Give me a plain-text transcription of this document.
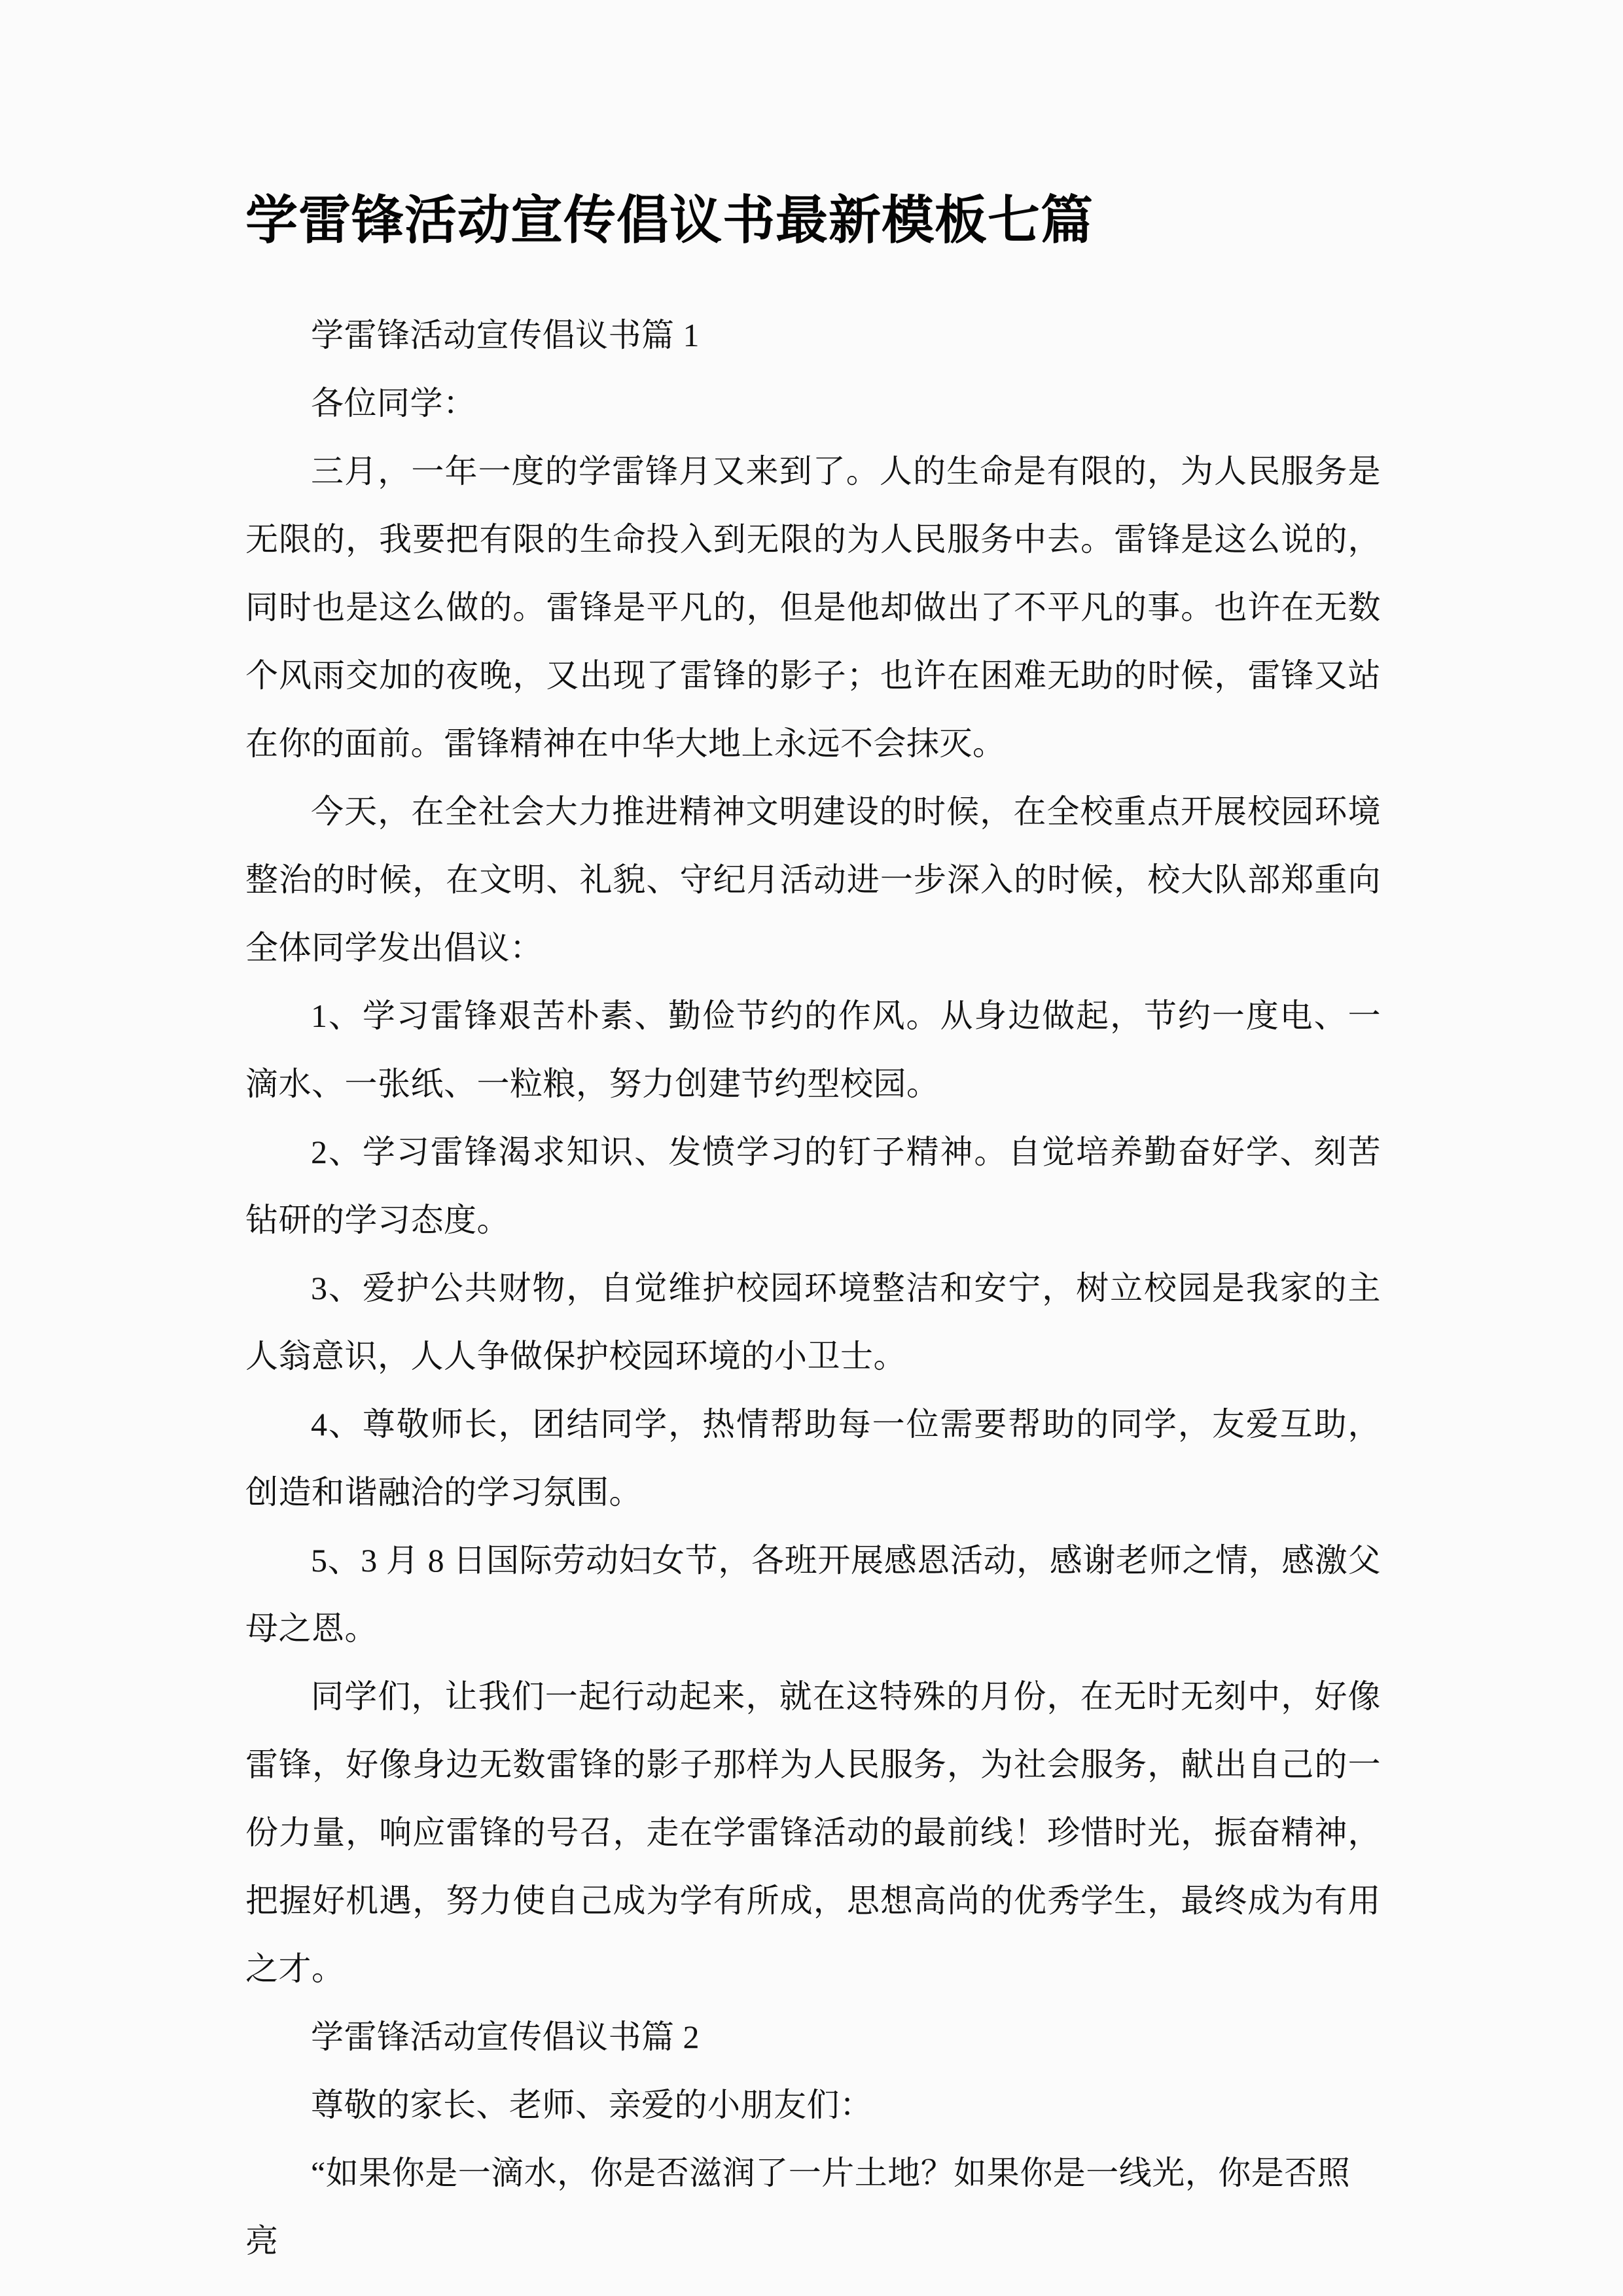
学雷锋活动宣传倡议书最新模板七篇

学雷锋活动宣传倡议书篇 1

各位同学：

三月，一年一度的学雷锋月又来到了。人的生命是有限的，为人民服务是无限的，我要把有限的生命投入到无限的为人民服务中去。雷锋是这么说的，同时也是这么做的。雷锋是平凡的，但是他却做出了不平凡的事。也许在无数个风雨交加的夜晚，又出现了雷锋的影子；也许在困难无助的时候，雷锋又站在你的面前。雷锋精神在中华大地上永远不会抹灭。

今天，在全社会大力推进精神文明建设的时候，在全校重点开展校园环境整治的时候，在文明、礼貌、守纪月活动进一步深入的时候，校大队部郑重向全体同学发出倡议：

1、学习雷锋艰苦朴素、勤俭节约的作风。从身边做起，节约一度电、一滴水、一张纸、一粒粮，努力创建节约型校园。

2、学习雷锋渴求知识、发愤学习的钉子精神。自觉培养勤奋好学、刻苦钻研的学习态度。

3、爱护公共财物，自觉维护校园环境整洁和安宁，树立校园是我家的主人翁意识，人人争做保护校园环境的小卫士。

4、尊敬师长，团结同学，热情帮助每一位需要帮助的同学，友爱互助，创造和谐融洽的学习氛围。

5、3 月 8 日国际劳动妇女节，各班开展感恩活动，感谢老师之情，感激父母之恩。

同学们，让我们一起行动起来，就在这特殊的月份，在无时无刻中，好像雷锋，好像身边无数雷锋的影子那样为人民服务，为社会服务，献出自己的一份力量，响应雷锋的号召，走在学雷锋活动的最前线！珍惜时光，振奋精神，把握好机遇，努力使自己成为学有所成，思想高尚的优秀学生，最终成为有用之才。

学雷锋活动宣传倡议书篇 2

尊敬的家长、老师、亲爱的小朋友们：

“如果你是一滴水，你是否滋润了一片土地？如果你是一线光，你是否照亮
